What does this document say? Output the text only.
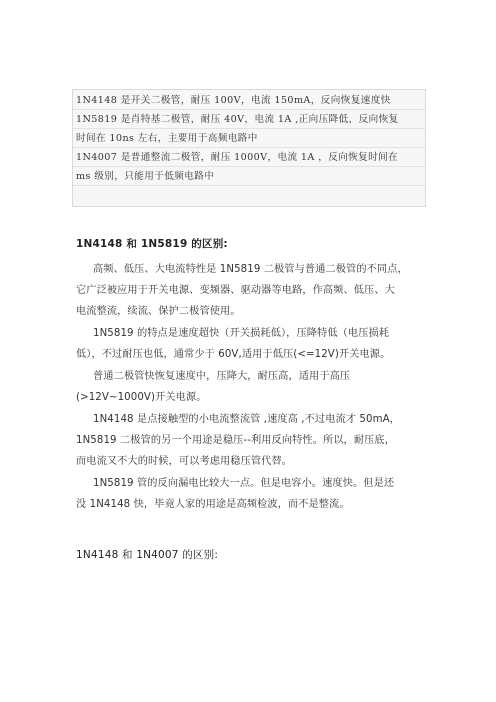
1N4148 是开关二极管，耐压 100V，电流 150mA，反向恢复速度快
1N5819 是肖特基二极管，耐压 40V，电流 1A ,正向压降低，反向恢复
时间在 10ns 左右，主要用于高频电路中
1N4007 是普通整流二极管，耐压 1000V，电流 1A ，反向恢复时间在
ms 级别，只能用于低频电路中
1N4148 和 1N5819 的区别:
高频、低压、大电流特性是 1N5819 二极管与普通二极管的不同点，
它广泛被应用于开关电源、变频器、驱动器等电路，作高频、低压、大
电流整流，续流、保护二极管使用。
1N5819 的特点是速度超快（开关损耗低），压降特低（电压损耗
低），不过耐压也低，通常少于 60V,适用于低压(<=12V)开关电源。
普通二极管快恢复速度中，压降大，耐压高，适用于高压
(>12V~1000V)开关电源。
1N4148 是点接触型的小电流整流管 ,速度高 ,不过电流才 50mA，
1N5819 二极管的另一个用途是稳压--利用反向特性。所以，耐压底，
而电流又不大的时候，可以考虑用稳压管代替。
1N5819 管的反向漏电比较大一点。但是电容小。速度快。但是还
没 1N4148 快，毕竟人家的用途是高频检波，而不是整流。
1N4148 和 1N4007 的区别:
